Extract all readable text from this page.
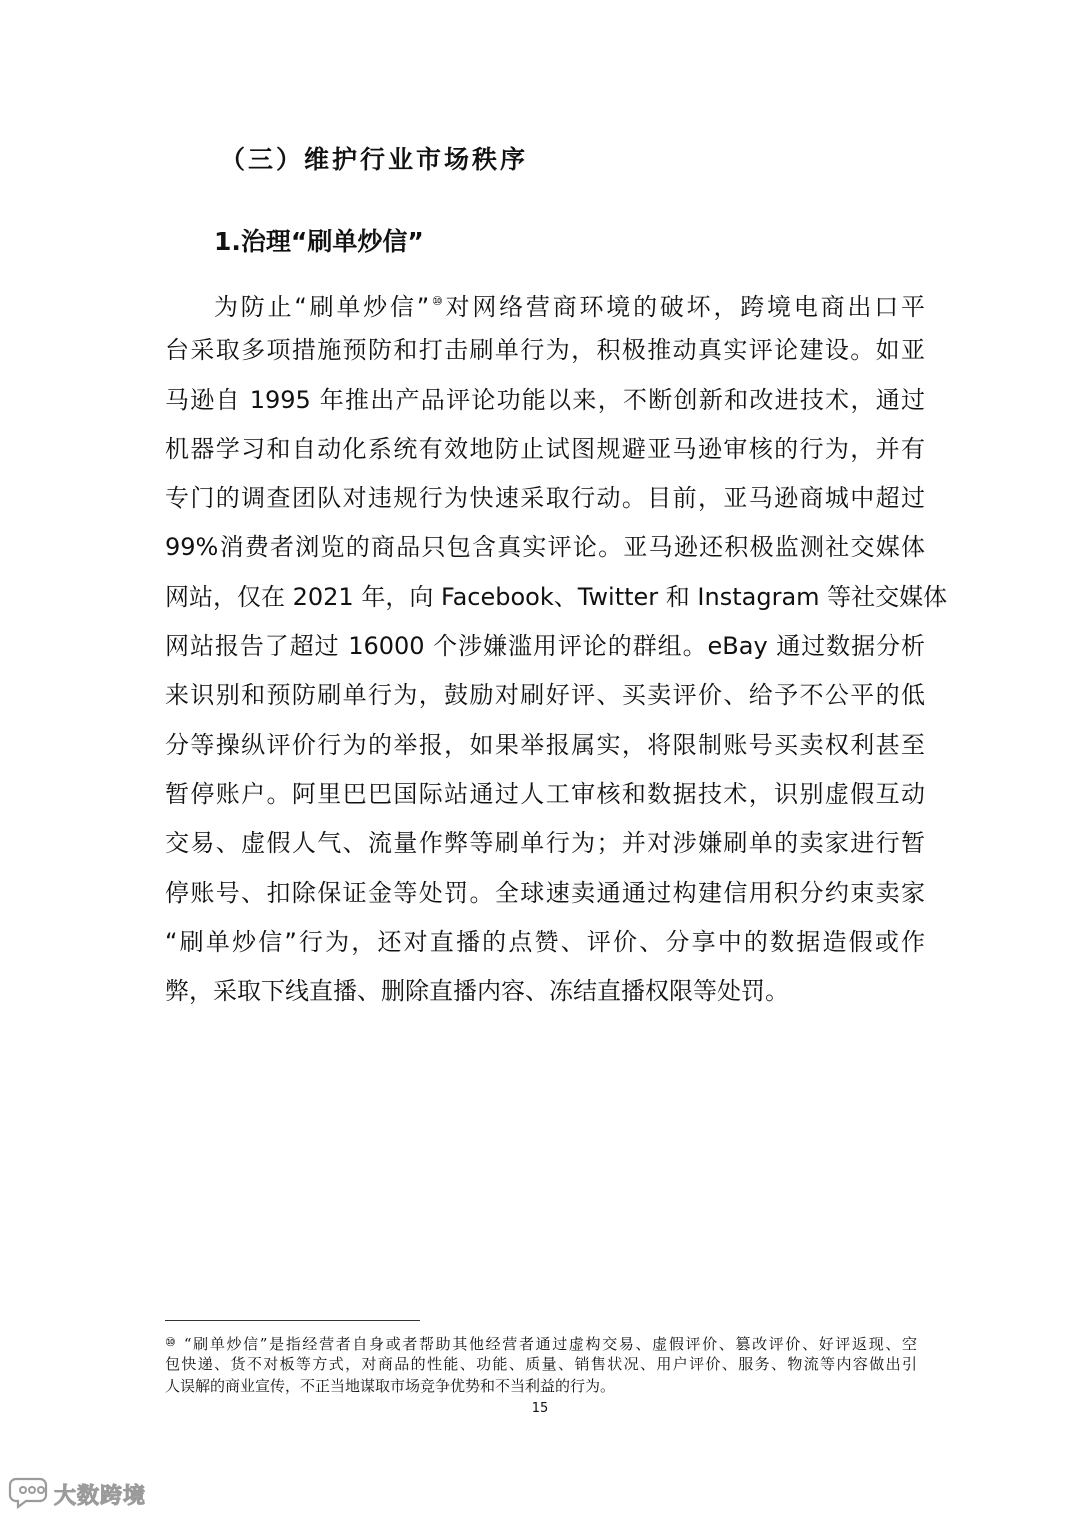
（三）维护行业市场秩序
1.治理“刷单炒信”
为防止“刷单炒信”⑩对网络营商环境的破坏，跨境电商出口平
台采取多项措施预防和打击刷单行为，积极推动真实评论建设。如亚
马逊自 1995 年推出产品评论功能以来，不断创新和改进技术，通过
机器学习和自动化系统有效地防止试图规避亚马逊审核的行为，并有
专门的调查团队对违规行为快速采取行动。目前，亚马逊商城中超过
99%消费者浏览的商品只包含真实评论。亚马逊还积极监测社交媒体
网站，仅在 2021 年，向 Facebook、Twitter 和 Instagram 等社交媒体
网站报告了超过 16000 个涉嫌滥用评论的群组。eBay 通过数据分析
来识别和预防刷单行为，鼓励对刷好评、买卖评价、给予不公平的低
分等操纵评价行为的举报，如果举报属实，将限制账号买卖权利甚至
暂停账户。阿里巴巴国际站通过人工审核和数据技术，识别虚假互动
交易、虚假人气、流量作弊等刷单行为；并对涉嫌刷单的卖家进行暂
停账号、扣除保证金等处罚。全球速卖通通过构建信用积分约束卖家
“刷单炒信”行为，还对直播的点赞、评价、分享中的数据造假或作
弊，采取下线直播、删除直播内容、冻结直播权限等处罚。
⑩ “刷单炒信”是指经营者自身或者帮助其他经营者通过虚构交易、虚假评价、篡改评价、好评返现、空
包快递、货不对板等方式，对商品的性能、功能、质量、销售状况、用户评价、服务、物流等内容做出引
人误解的商业宣传，不正当地谋取市场竞争优势和不当利益的行为。
15
大数跨境
